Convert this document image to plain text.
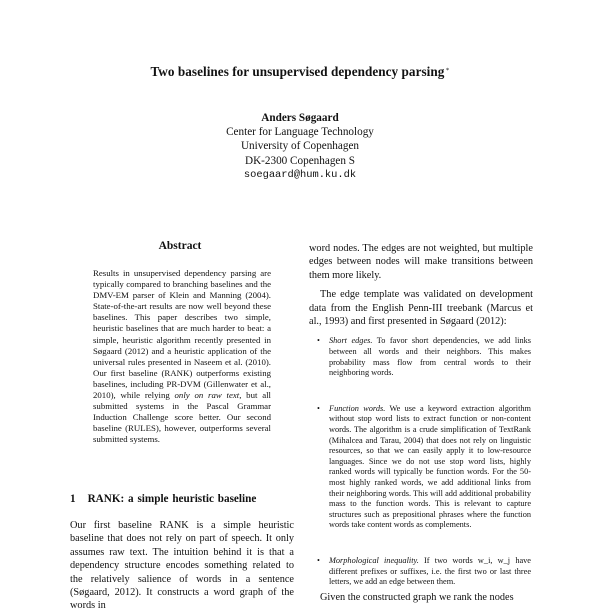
Two baselines for unsupervised dependency parsing∗
Anders Søgaard
Center for Language Technology
University of Copenhagen
DK-2300 Copenhagen S
soegaard@hum.ku.dk
Abstract
Results in unsupervised dependency parsing are typically compared to branching baselines and the DMV-EM parser of Klein and Manning (2004). State-of-the-art results are now well beyond these baselines. This paper describes two simple, heuristic baselines that are much harder to beat: a simple, heuristic algorithm recently presented in Søgaard (2012) and a heuristic application of the universal rules presented in Naseem et al. (2010). Our first baseline (RANK) outperforms existing baselines, including PR-DVM (Gillenwater et al., 2010), while relying only on raw text, but all submitted systems in the Pascal Grammar Induction Challenge score better. Our second baseline (RULES), however, outperforms several submitted systems.
1 RANK: a simple heuristic baseline
Our first baseline RANK is a simple heuristic baseline that does not rely on part of speech. It only assumes raw text. The intuition behind it is that a dependency structure encodes something related to the relatively salience of words in a sentence (Søgaard, 2012). It constructs a word graph of the words in

word nodes. The edges are not weighted, but multiple edges between nodes will make transitions between them more likely.

The edge template was validated on development data from the English Penn-III treebank (Marcus et al., 1993) and first presented in Søgaard (2012):

• Short edges. To favor short dependencies, we add links between all words and their neighbors. This makes probability mass flow from central words to their neighboring words.
• Function words. We use a keyword extraction algorithm without stop word lists to extract function or non-content words. The algorithm is a crude simplification of TextRank (Mihalcea and Tarau, 2004) that does not rely on linguistic resources, so that we can easily apply it to low-resource languages. Since we do not use stop word lists, highly ranked words will typically be function words. For the 50-most highly ranked words, we add additional links from their neighboring words. This will add additional probability mass to the function words. This is relevant to capture structures such as prepositional phrases where the function words take content words as complements.
• Morphological inequality. If two words w_i, w_j have different prefixes or suffixes, i.e. the first two or last three letters, we add an edge between them.
Given the constructed graph we rank the nodes
